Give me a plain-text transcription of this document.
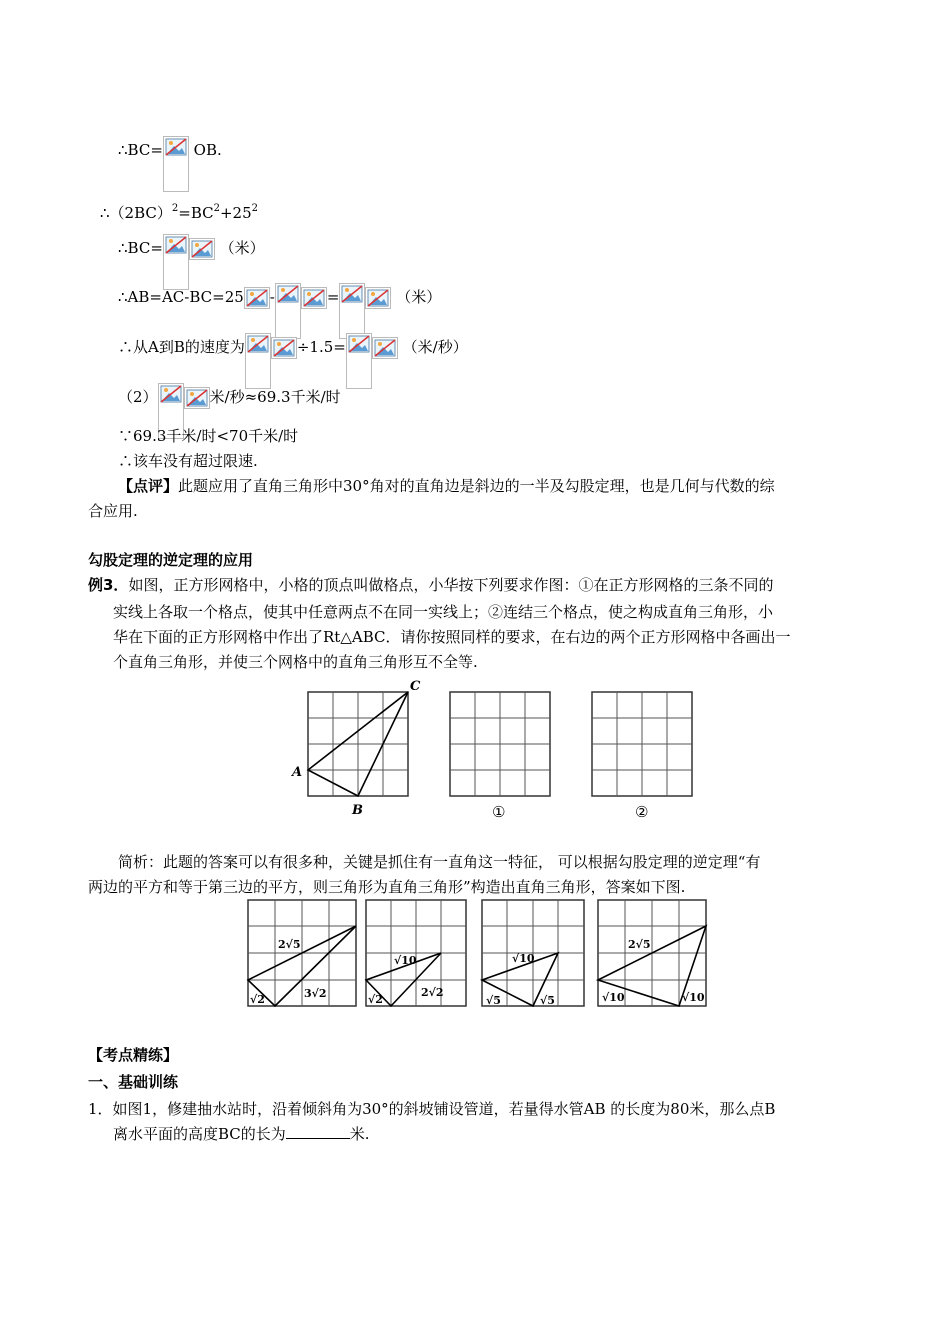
∴BC= OB.
$\therefore(2BC)^2=BC^2+25^2$
∴BC=	（米）
∴AB=AC-BC=25 -	=	（米）
∴从A到B的速度为	÷1.5=	（米/秒）
（2）	米/秒≈69.3千米/时
∵69.3千米/时<70千米/时
∴该车没有超过限速.
【点评】此题应用了直角三角形中30°角对的直角边是斜边的一半及勾股定理，也是几何与代数的综
合应用.
勾股定理的逆定理的应用
例3．如图，正方形网格中，小格的顶点叫做格点，小华按下列要求作图：①在正方形网格的三条不同的
实线上各取一个格点，使其中任意两点不在同一实线上；②连结三个格点，使之构成直角三角形，小
华在下面的正方形网格中作出了Rt△ABC．请你按照同样的要求，在右边的两个正方形网格中各画出一
个直角三角形，并使三个网格中的直角三角形互不全等.
A
B
C
①	②
简析：此题的答案可以有很多种，关键是抓住有一直角这一特征， 可以根据勾股定理的逆定理“有
两边的平方和等于第三边的平方，则三角形为直角三角形”构造出直角三角形，答案如下图.
2√5
√2	3√2
√10
√2
2√2
√10
√5	√5
2√5
√10	√10
【考点精练】
一、基础训练
1．如图1，修建抽水站时，沿着倾斜角为30°的斜坡铺设管道，若量得水管AB 的长度为80米，那么点B
离水平面的高度BC的长为	米.
